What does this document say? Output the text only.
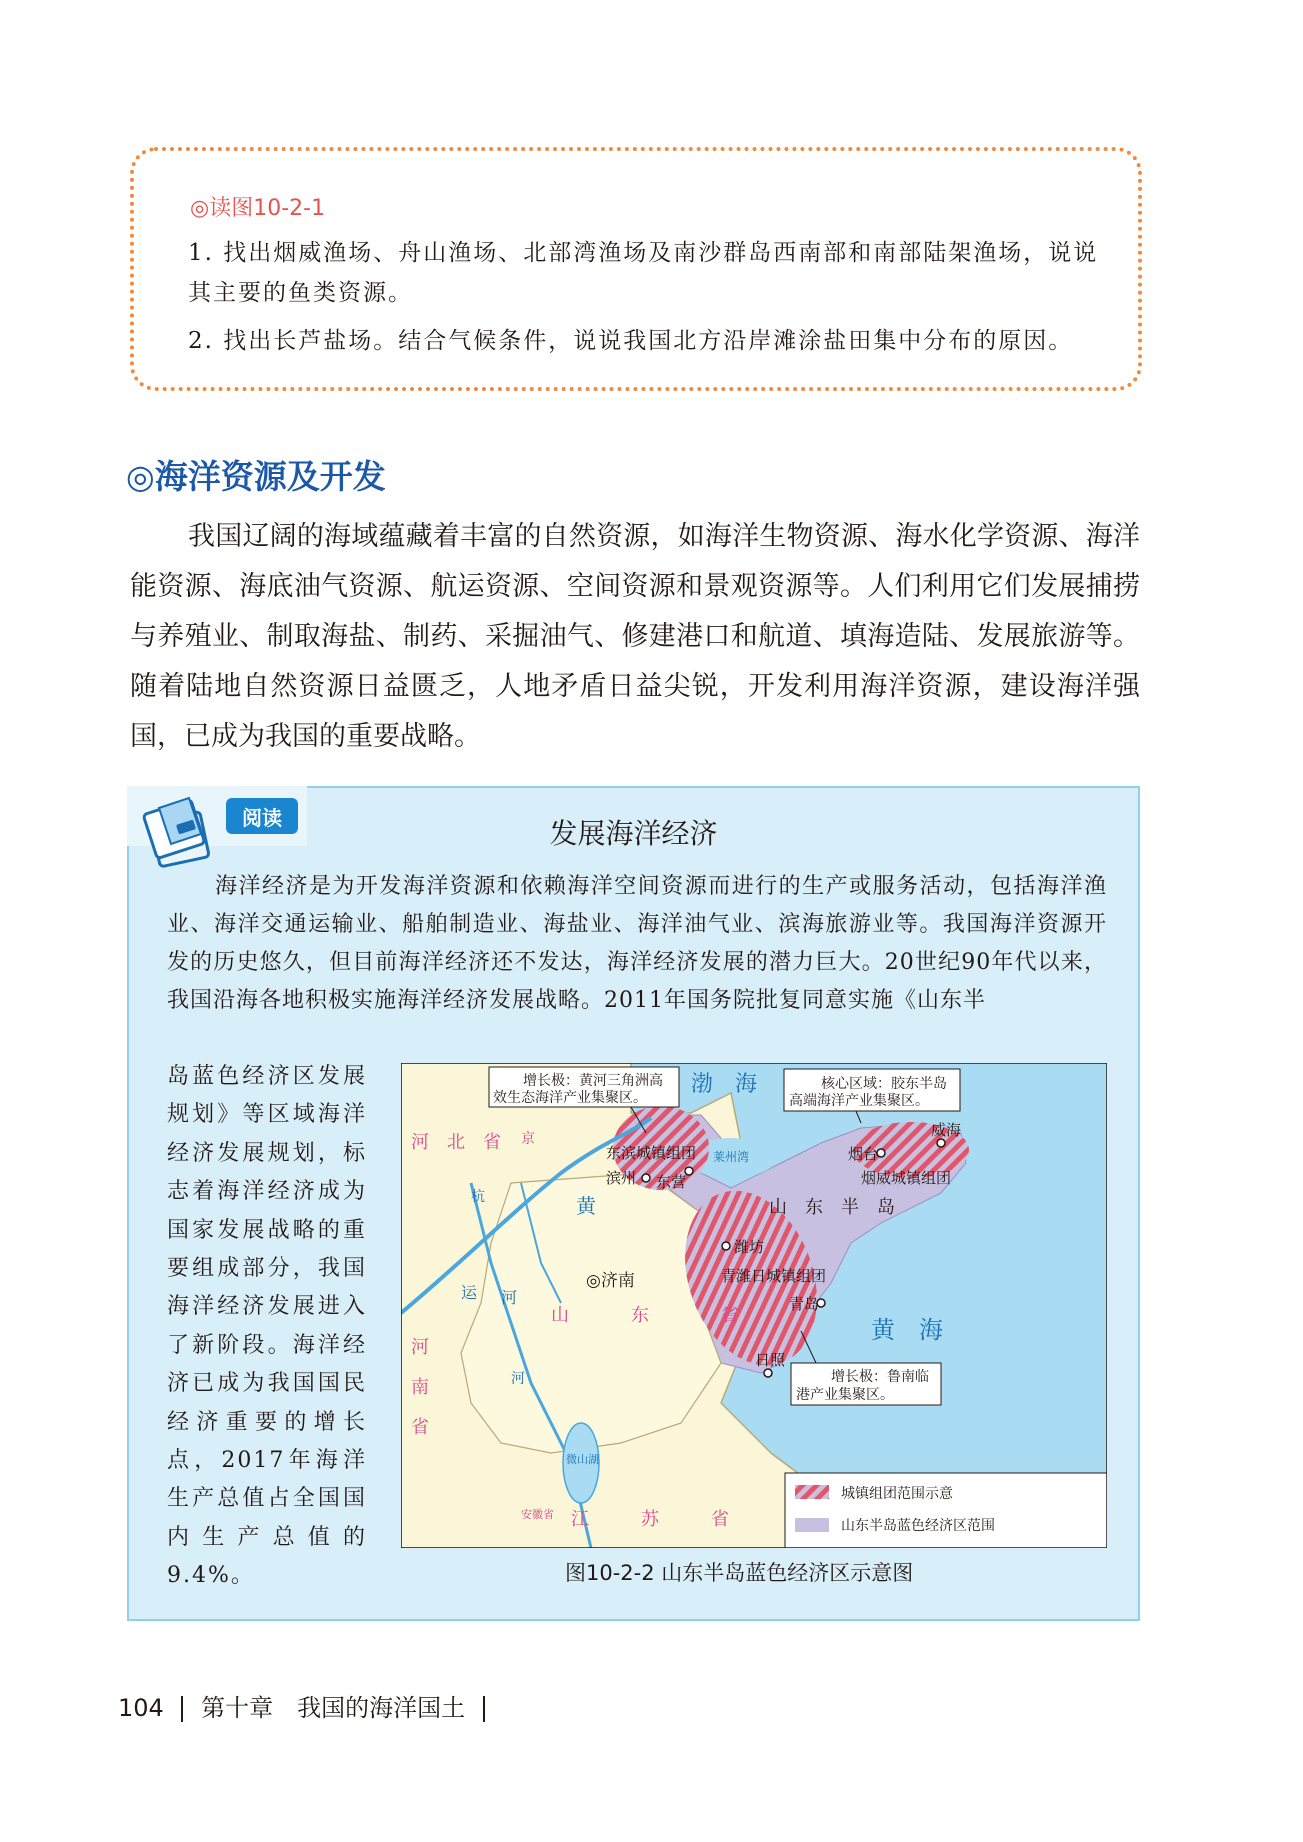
◎读图10-2-1
1. 找出烟威渔场、舟山渔场、北部湾渔场及南沙群岛西南部和南部陆架渔场，说说其主要的鱼类资源。
2. 找出长芦盐场。结合气候条件，说说我国北方沿岸滩涂盐田集中分布的原因。
◎海洋资源及开发
我国辽阔的海域蕴藏着丰富的自然资源，如海洋生物资源、海水化学资源、海洋能资源、海底油气资源、航运资源、空间资源和景观资源等。人们利用它们发展捕捞与养殖业、制取海盐、制药、采掘油气、修建港口和航道、填海造陆、发展旅游等。随着陆地自然资源日益匮乏，人地矛盾日益尖锐，开发利用海洋资源，建设海洋强国，已成为我国的重要战略。
阅读	发展海洋经济
海洋经济是为开发海洋资源和依赖海洋空间资源而进行的生产或服务活动，包括海洋渔业、海洋交通运输业、船舶制造业、海盐业、海洋油气业、滨海旅游业等。我国海洋资源开发的历史悠久，但目前海洋经济还不发达，海洋经济发展的潜力巨大。20世纪90年代以来，我国沿海各地积极实施海洋经济发展战略。2011年国务院批复同意实施《山东半
岛蓝色经济区发展规划》等区域海洋经济发展规划，标志着海洋经济成为国家发展战略的重要组成部分，我国海洋经济发展进入了新阶段。海洋经济已成为我国国民经济重要的增长点，2017年海洋生产总值占全国国内生产总值的9.4%。
渤　海
黄　海
河　北　省 京
河
南
省
山	东	省
江	苏	省
安徽省
杭
运 河
河
黄	山　东　半　岛
莱州湾
微山湖
◎济南
滨州 东营
烟台
威海
潍坊
青岛
日照
东滨城镇组团
烟威城镇组团
青潍日城镇组团
增长极：黄河三角洲高
效生态海洋产业集聚区。
核心区域：胶东半岛
高端海洋产业集聚区。
增长极：鲁南临
港产业集聚区。
城镇组团范围示意
山东半岛蓝色经济区范围
图10-2-2 山东半岛蓝色经济区示意图
104 第十章　我国的海洋国土
